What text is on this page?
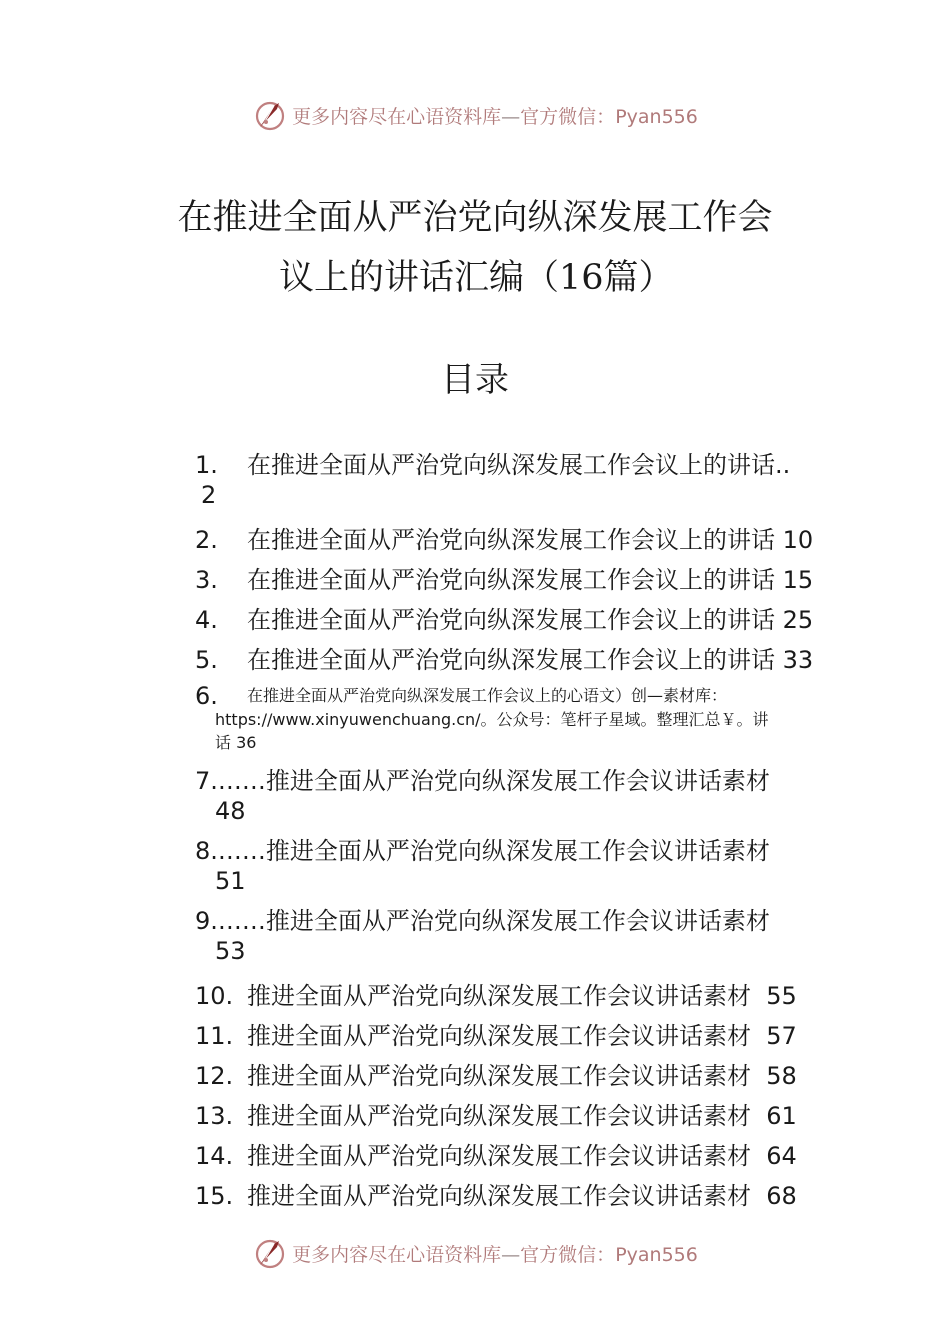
更多内容尽在心语资料库—官方微信：Pyan556
在推进全面从严治党向纵深发展工作会
议上的讲话汇编（16篇）
目录
1. 在推进全面从严治党向纵深发展工作会议上的讲话..
2
2. 在推进全面从严治党向纵深发展工作会议上的讲话 10
3. 在推进全面从严治党向纵深发展工作会议上的讲话 15
4. 在推进全面从严治党向纵深发展工作会议上的讲话 25
5. 在推进全面从严治党向纵深发展工作会议上的讲话 33
6. 在推进全面从严治党向纵深发展工作会议上的心语文）创—素材库：
https://www.xinyuwenchuang.cn/。公众号：笔杆子星域。整理汇总￥。讲
话 36
7.……推进全面从严治党向纵深发展工作会议讲话素材
48
8.……推进全面从严治党向纵深发展工作会议讲话素材
51
9.……推进全面从严治党向纵深发展工作会议讲话素材
53
10. 推进全面从严治党向纵深发展工作会议讲话素材 55
11. 推进全面从严治党向纵深发展工作会议讲话素材 57
12. 推进全面从严治党向纵深发展工作会议讲话素材 58
13. 推进全面从严治党向纵深发展工作会议讲话素材 61
14. 推进全面从严治党向纵深发展工作会议讲话素材 64
15. 推进全面从严治党向纵深发展工作会议讲话素材 68
更多内容尽在心语资料库—官方微信：Pyan556
